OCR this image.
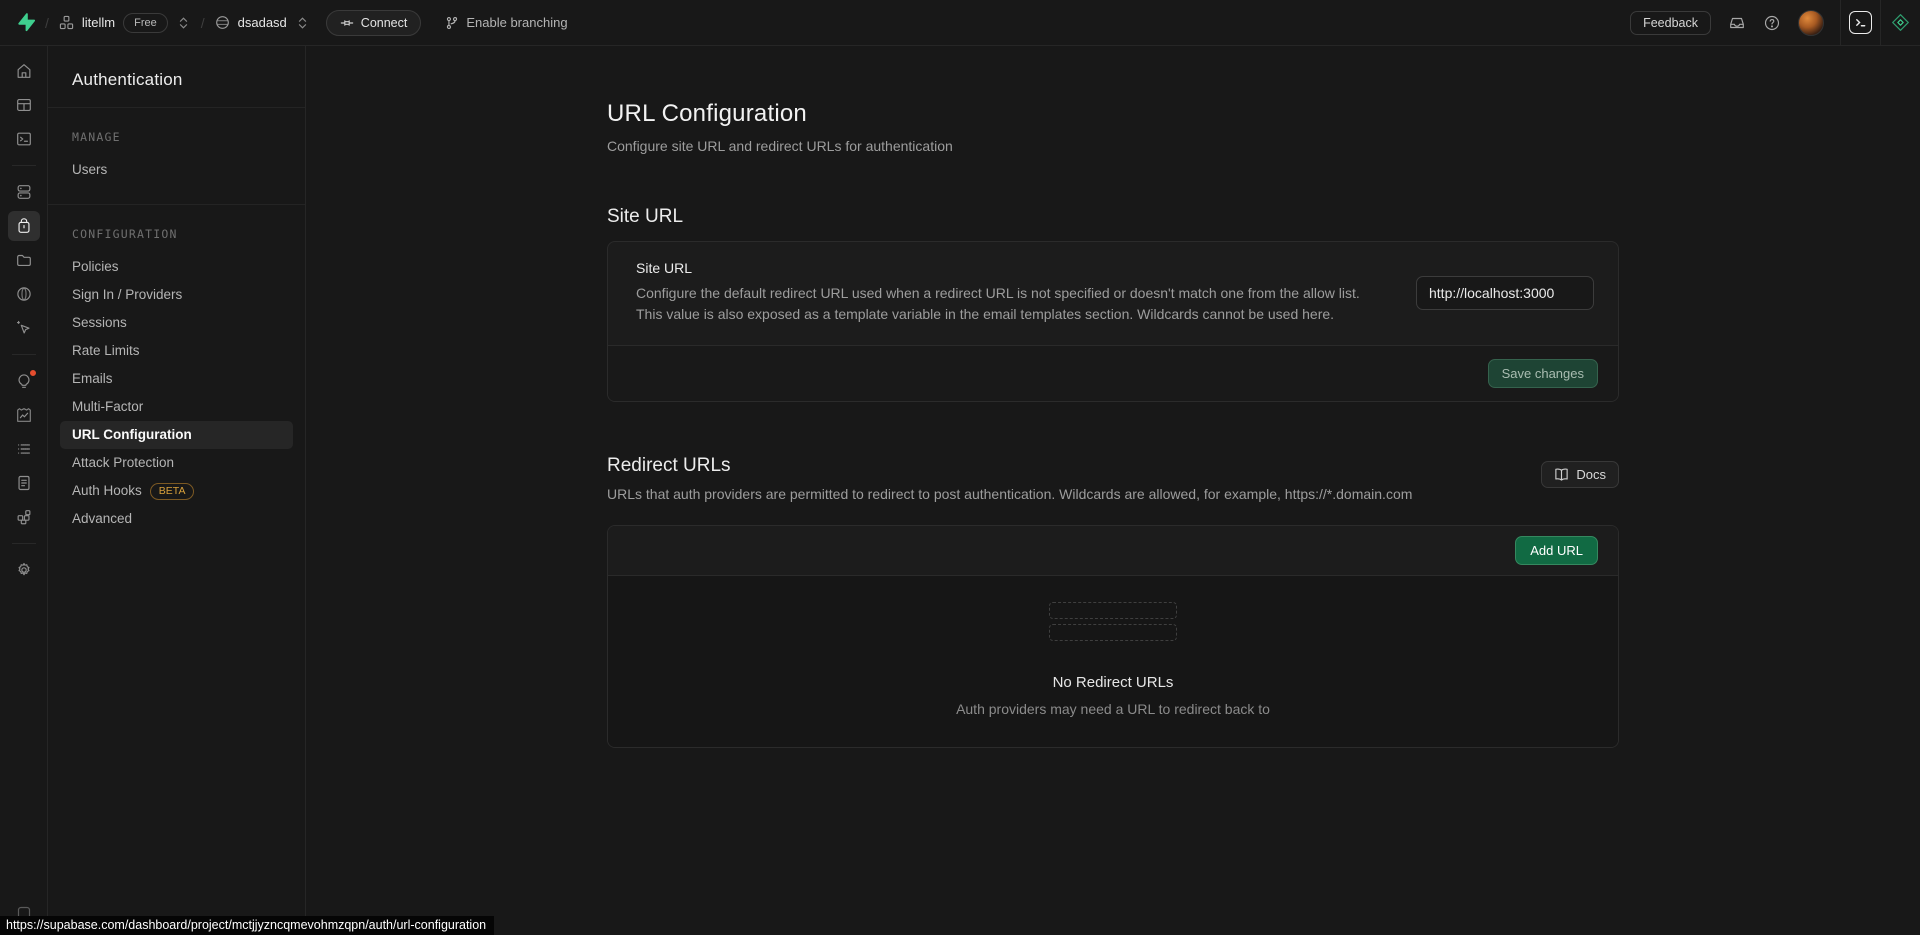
/	litellm	Free	/	dsadasd	Connect	Enable branching	Feedback
Authentication
MANAGE
Users
CONFIGURATION
Policies
Sign In / Providers
Sessions
Rate Limits
Emails
Multi-Factor
URL Configuration
Attack Protection
Auth Hooks	BETA
Advanced
URL Configuration
Configure site URL and redirect URLs for authentication
Site URL
Site URL
Configure the default redirect URL used when a redirect URL is not specified or doesn't match one from the allow list. This value is also exposed as a template variable in the email templates section. Wildcards cannot be used here.
http://localhost:3000
Save changes
Redirect URLs
URLs that auth providers are permitted to redirect to post authentication. Wildcards are allowed, for example, https://*.domain.com
Docs
Add URL
No Redirect URLs
Auth providers may need a URL to redirect back to
https://supabase.com/dashboard/project/mctjjyzncqmevohmzqpn/auth/url-configuration
